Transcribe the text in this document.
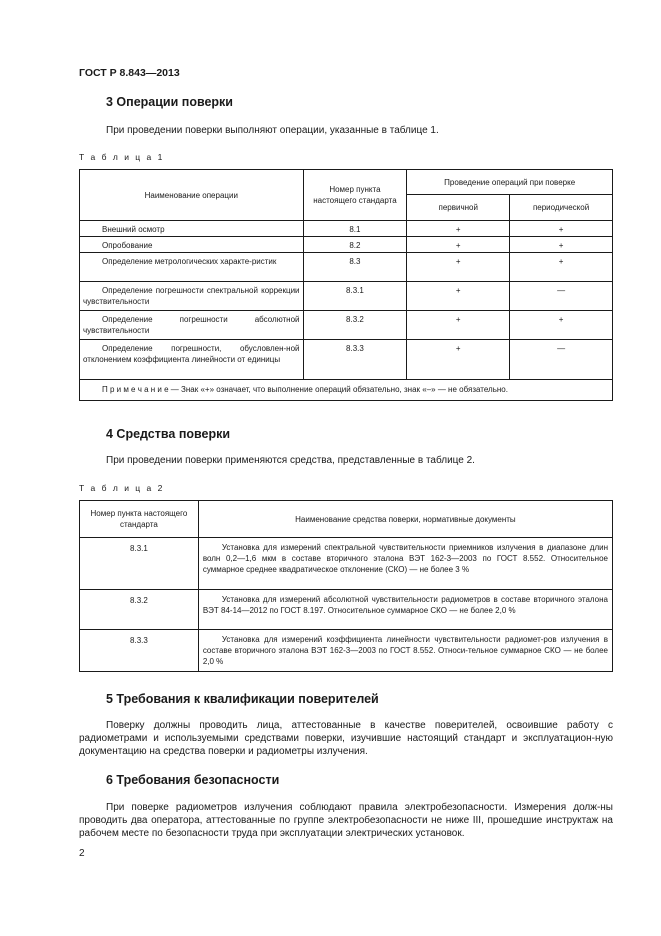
ГОСТ Р 8.843—2013
3 Операции поверки
При проведении поверки выполняют операции, указанные в таблице 1.
Т а б л и ц а 1
Наименование операции	Номер пункта настоящего стандарта	Проведение операций при поверке	
		первичной	периодической
Внешний осмотр	8.1	+	+
Опробование	8.2	+	+
Определение метрологических характе-ристик	8.3	+	+
Определение погрешности спектральной коррекции чувствительности	8.3.1	+	—
Определение погрешности абсолютной чувствительности	8.3.2	+	+
Определение погрешности, обусловлен-ной отклонением коэффициента линейности от единицы	8.3.3	+	—
П р и м е ч а н и е — Знак «+» означает, что выполнение операций обязательно, знак «–» — не обязательно.			
4 Средства поверки
При проведении поверки применяются средства, представленные в таблице 2.
Т а б л и ц а 2
Номер пункта настоящего стандарта	Наименование средства поверки, нормативные документы
8.3.1	Установка для измерений спектральной чувствительности приемников излучения в диапазоне длин волн 0,2—1,6 мкм в составе вторичного эталона ВЭТ 162-3—2003 по ГОСТ 8.552. Относительное суммарное среднее квадратическое отклонение (СКО) — не более 3 %
8.3.2	Установка для измерений абсолютной чувствительности радиометров в составе вторичного эталона ВЭТ 84-14—2012 по ГОСТ 8.197. Относительное суммарное СКО — не более 2,0 %
8.3.3	Установка для измерений коэффициента линейности чувствительности радиомет-ров излучения в составе вторичного эталона ВЭТ 162-3—2003 по ГОСТ 8.552. Относи-тельное суммарное СКО — не более 2,0 %
5 Требования к квалификации поверителей
Поверку должны проводить лица, аттестованные в качестве поверителей, освоившие работу с радиометрами и используемыми средствами поверки, изучившие настоящий стандарт и эксплуатацион-ную документацию на средства поверки и радиометры излучения.
6 Требования безопасности
При поверке радиометров излучения соблюдают правила электробезопасности. Измерения долж-ны проводить два оператора, аттестованные по группе электробезопасности не ниже III, прошедшие инструктаж на рабочем месте по безопасности труда при эксплуатации электрических установок.
2
